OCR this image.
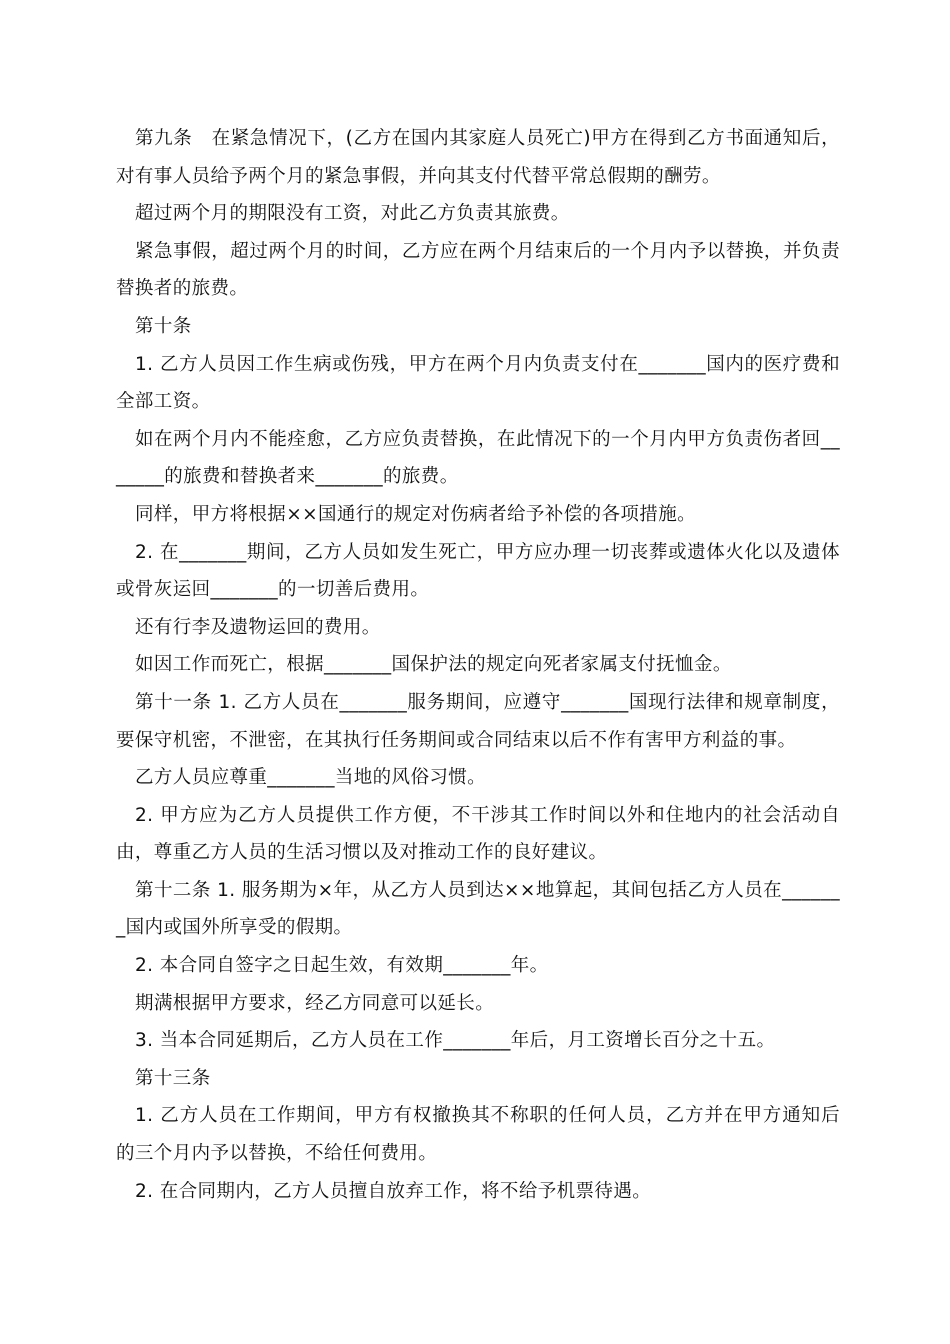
第九条　在紧急情况下，(乙方在国内其家庭人员死亡)甲方在得到乙方书面通知后，对有事人员给予两个月的紧急事假，并向其支付代替平常总假期的酬劳。

超过两个月的期限没有工资，对此乙方负责其旅费。

紧急事假，超过两个月的时间，乙方应在两个月结束后的一个月内予以替换，并负责替换者的旅费。

第十条

1. 乙方人员因工作生病或伤残，甲方在两个月内负责支付在_______国内的医疗费和全部工资。

如在两个月内不能痊愈，乙方应负责替换，在此情况下的一个月内甲方负责伤者回_______的旅费和替换者来_______的旅费。

同样，甲方将根据××国通行的规定对伤病者给予补偿的各项措施。

2. 在_______期间，乙方人员如发生死亡，甲方应办理一切丧葬或遗体火化以及遗体或骨灰运回_______的一切善后费用。

还有行李及遗物运回的费用。

如因工作而死亡，根据_______国保护法的规定向死者家属支付抚恤金。

第十一条 1. 乙方人员在_______服务期间，应遵守_______国现行法律和规章制度，要保守机密，不泄密，在其执行任务期间或合同结束以后不作有害甲方利益的事。

乙方人员应尊重_______当地的风俗习惯。

2. 甲方应为乙方人员提供工作方便，不干涉其工作时间以外和住地内的社会活动自由，尊重乙方人员的生活习惯以及对推动工作的良好建议。

第十二条 1. 服务期为×年，从乙方人员到达××地算起，其间包括乙方人员在_______国内或国外所享受的假期。

2. 本合同自签字之日起生效，有效期_______年。

期满根据甲方要求，经乙方同意可以延长。

3. 当本合同延期后，乙方人员在工作_______年后，月工资增长百分之十五。

第十三条

1. 乙方人员在工作期间，甲方有权撤换其不称职的任何人员，乙方并在甲方通知后的三个月内予以替换，不给任何费用。

2. 在合同期内，乙方人员擅自放弃工作，将不给予机票待遇。
